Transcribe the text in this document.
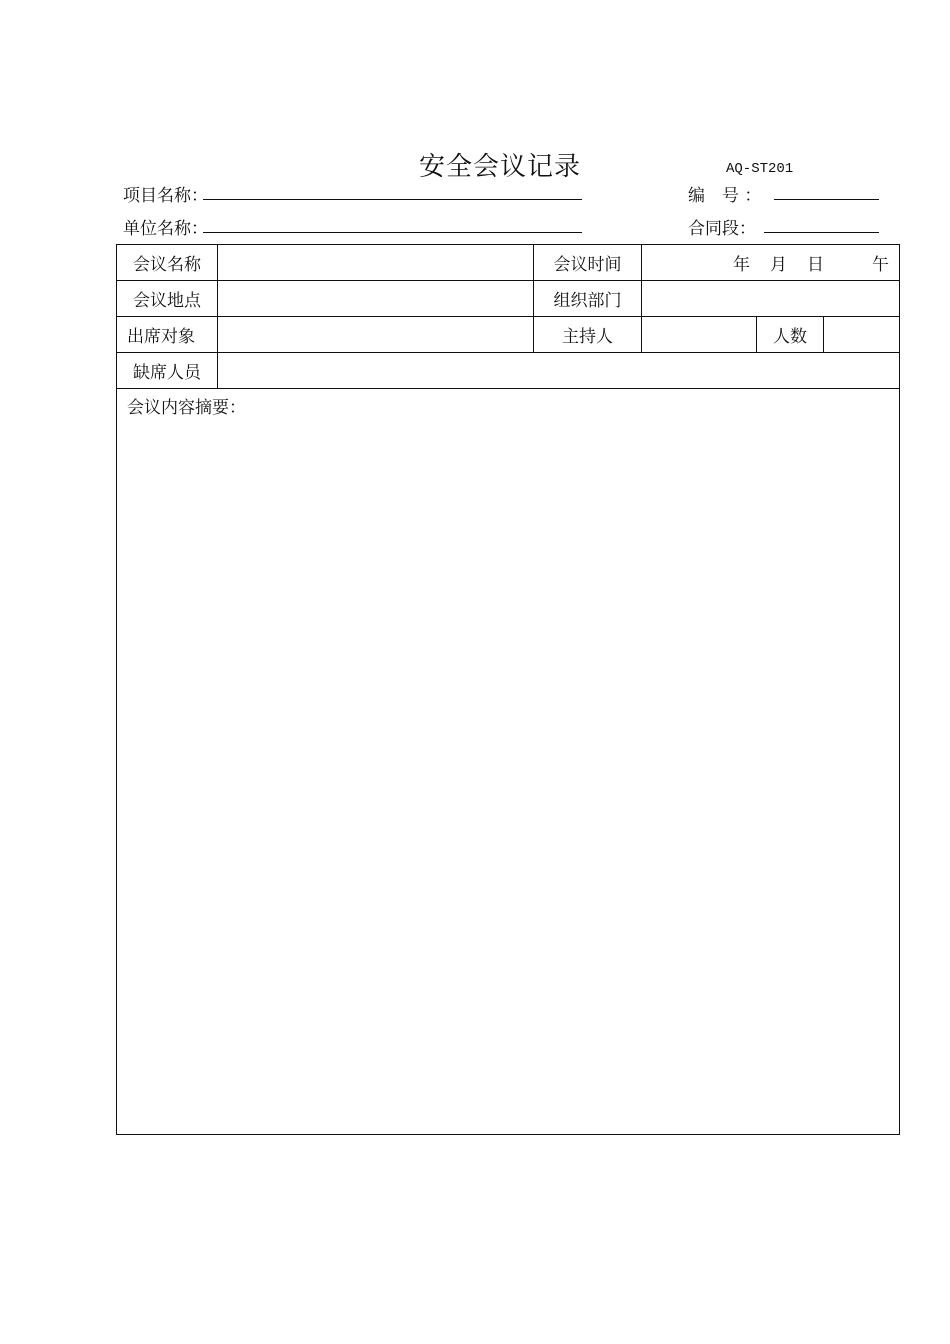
安全会议记录	AQ-ST201
项目名称：
单位名称：
编　号 ：
合同段：
会议名称		会议时间	年 月 日 午		

会议地点		组织部门			
出席对象		主持人		人数	
缺席人员					
会议内容摘要：					
